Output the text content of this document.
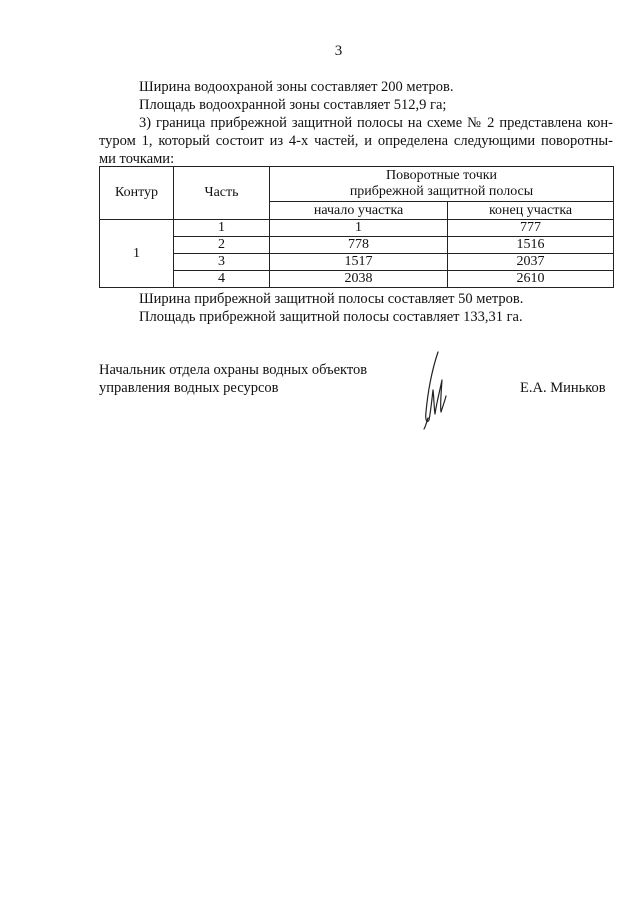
3
Ширина водоохраной зоны составляет 200 метров.
Площадь водоохранной зоны составляет 512,9 га;
3) граница прибрежной защитной полосы на схеме № 2 представлена кон-
туром 1, который состоит из 4-х частей, и определена следующими поворотны-
ми точками:
Контур	Часть	Поворотные точки
прибрежной защитной полосы	
		начало участка	конец участка
1	1	1	777
	2	778	1516
	3	1517	2037
	4	2038	2610
Ширина прибрежной защитной полосы составляет 50 метров.
Площадь прибрежной защитной полосы составляет 133,31 га.
Начальник отдела охраны водных объектов
управления водных ресурсов	Е.А. Миньков
